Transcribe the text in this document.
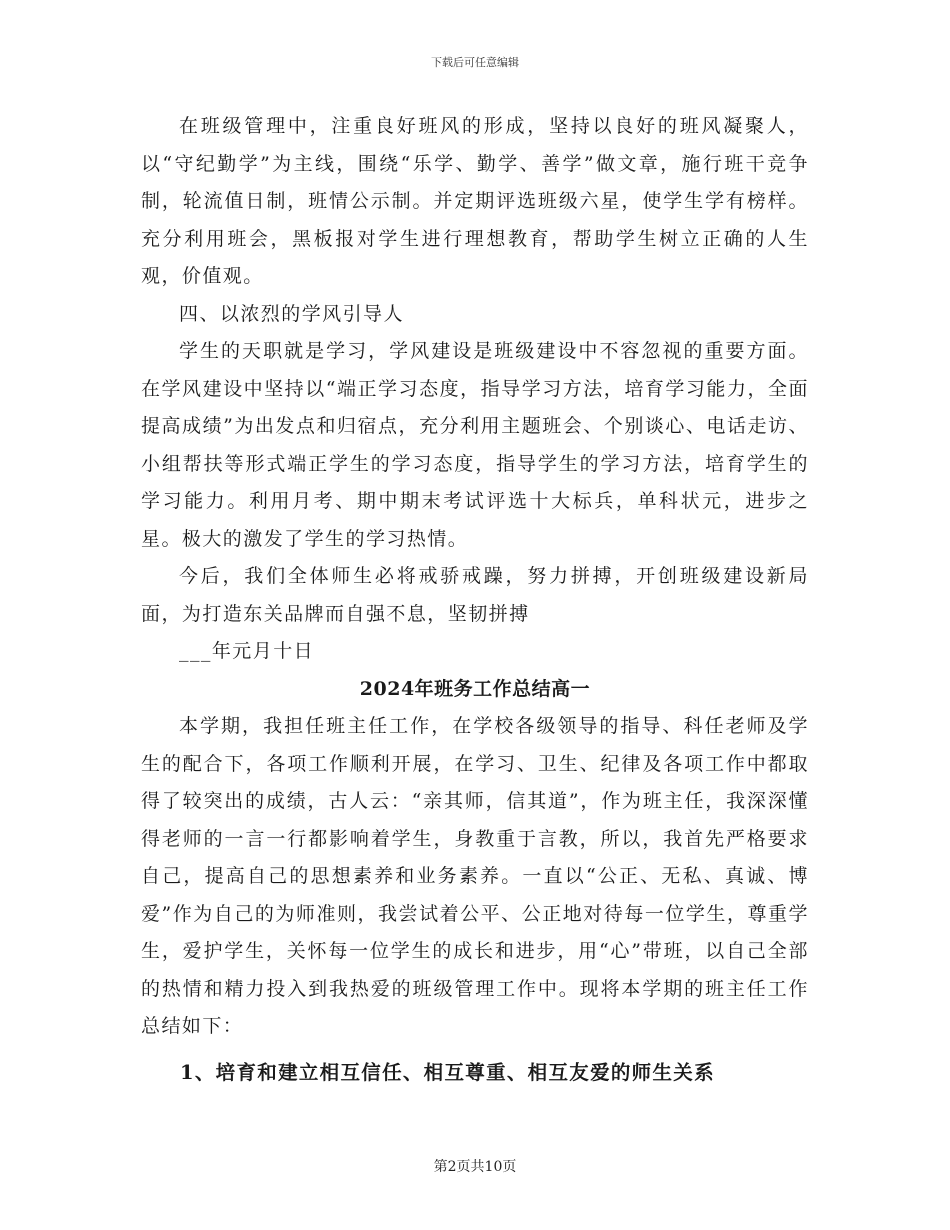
下载后可任意编辑

在班级管理中，注重良好班风的形成，坚持以良好的班风凝聚人，以“守纪勤学”为主线，围绕“乐学、勤学、善学”做文章，施行班干竞争制，轮流值日制，班情公示制。并定期评选班级六星，使学生学有榜样。充分利用班会，黑板报对学生进行理想教育，帮助学生树立正确的人生观，价值观。

四、以浓烈的学风引导人

学生的天职就是学习，学风建设是班级建设中不容忽视的重要方面。在学风建设中坚持以“端正学习态度，指导学习方法，培育学习能力，全面提高成绩”为出发点和归宿点，充分利用主题班会、个别谈心、电话走访、小组帮扶等形式端正学生的学习态度，指导学生的学习方法，培育学生的学习能力。利用月考、期中期末考试评选十大标兵，单科状元，进步之星。极大的激发了学生的学习热情。

今后，我们全体师生必将戒骄戒躁，努力拼搏，开创班级建设新局面，为打造东关品牌而自强不息，坚韧拼搏

___年元月十日

2024年班务工作总结高一

本学期，我担任班主任工作，在学校各级领导的指导、科任老师及学生的配合下，各项工作顺利开展，在学习、卫生、纪律及各项工作中都取得了较突出的成绩，古人云：“亲其师，信其道”，作为班主任，我深深懂得老师的一言一行都影响着学生，身教重于言教，所以，我首先严格要求自己，提高自己的思想素养和业务素养。一直以“公正、无私、真诚、博爱”作为自己的为师准则，我尝试着公平、公正地对待每一位学生，尊重学生，爱护学生，关怀每一位学生的成长和进步，用“心”带班，以自己全部的热情和精力投入到我热爱的班级管理工作中。现将本学期的班主任工作总结如下：

1、培育和建立相互信任、相互尊重、相互友爱的师生关系

第2页共10页
